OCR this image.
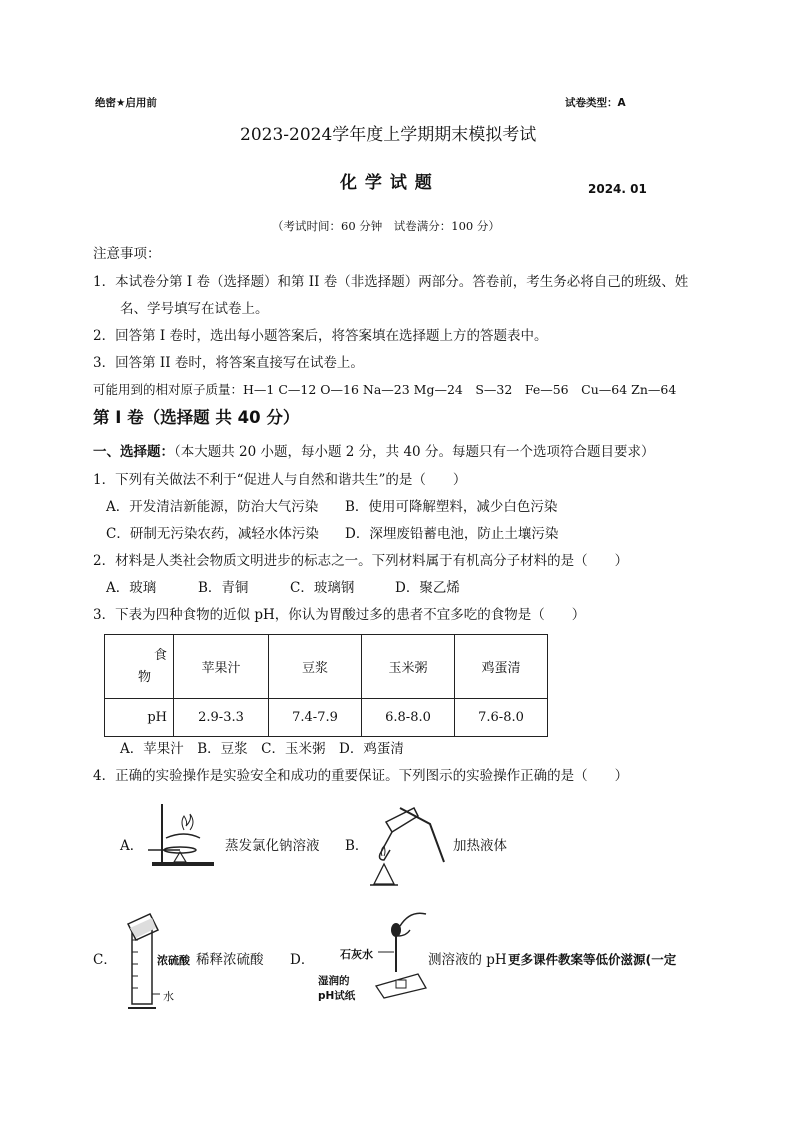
绝密★启用前	试卷类型：A
2023-2024学年度上学期期末模拟考试
化 学 试 题	2024. 01
（考试时间：60 分钟　试卷满分：100 分）
注意事项：
1．本试卷分第 I 卷（选择题）和第 II 卷（非选择题）两部分。答卷前，考生务必将自己的班级、姓
名、学号填写在试卷上。
2．回答第 I 卷时，选出每小题答案后，将答案填在选择题上方的答题表中。
3．回答第 II 卷时，将答案直接写在试卷上。
可能用到的相对原子质量：H—1 C—12 O—16 Na—23 Mg—24　S—32　Fe—56　Cu—64 Zn—64
第 I 卷（选择题 共 40 分）
一、选择题：（本大题共 20 小题，每小题 2 分，共 40 分。每题只有一个选项符合题目要求）
1．下列有关做法不利于“促进人与自然和谐共生”的是（　　）
A．开发清洁新能源，防治大气污染 B．使用可降解塑料，减少白色污染
C．研制无污染农药，减轻水体污染 D．深埋废铅蓄电池，防止土壤污染
2．材料是人类社会物质文明进步的标志之一。下列材料属于有机高分子材料的是（　　）
A．玻璃	B．青铜	C．玻璃钢	D．聚乙烯
3．下表为四种食物的近似 pH，你认为胃酸过多的患者不宜多吃的食物是（　　）
食
物	苹果汁	豆浆	玉米粥	鸡蛋清
pH	2.9-3.3	7.4-7.9	6.8-8.0	7.6-8.0
A．苹果汁　B．豆浆　C．玉米粥　D．鸡蛋清
4．正确的实验操作是实验安全和成功的重要保证。下列图示的实验操作正确的是（　　）
A．	蒸发氯化钠溶液 B．	加热液体
C．	浓硫酸
水
稀释浓硫酸 D． 石灰水
湿润的
pH试纸
测溶液的 pH 更多课件教案等低价滋源(一定
